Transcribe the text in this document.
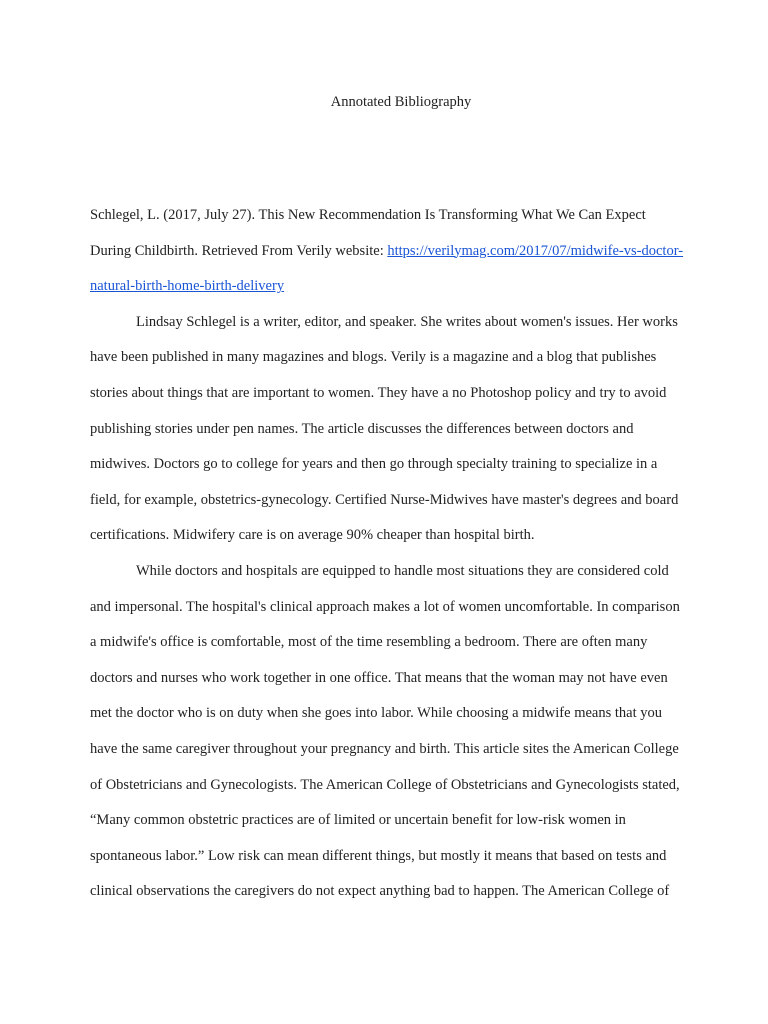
Annotated Bibliography
Schlegel, L. (2017, July 27). This New Recommendation Is Transforming What We Can Expect
During Childbirth. Retrieved From Verily website: https://verilymag.com/2017/07/midwife-vs-doctor-
natural-birth-home-birth-delivery
Lindsay Schlegel is a writer, editor, and speaker. She writes about women's issues. Her works
have been published in many magazines and blogs. Verily is a magazine and a blog that publishes
stories about things that are important to women. They have a no Photoshop policy and try to avoid
publishing stories under pen names. The article discusses the differences between doctors and
midwives. Doctors go to college for years and then go through specialty training to specialize in a
field, for example, obstetrics-gynecology. Certified Nurse-Midwives have master's degrees and board
certifications. Midwifery care is on average 90% cheaper than hospital birth.
While doctors and hospitals are equipped to handle most situations they are considered cold
and impersonal. The hospital's clinical approach makes a lot of women uncomfortable. In comparison
a midwife's office is comfortable, most of the time resembling a bedroom. There are often many
doctors and nurses who work together in one office. That means that the woman may not have even
met the doctor who is on duty when she goes into labor. While choosing a midwife means that you
have the same caregiver throughout your pregnancy and birth. This article sites the American College
of Obstetricians and Gynecologists. The American College of Obstetricians and Gynecologists stated,
“Many common obstetric practices are of limited or uncertain benefit for low-risk women in
spontaneous labor.” Low risk can mean different things, but mostly it means that based on tests and
clinical observations the caregivers do not expect anything bad to happen. The American College of
